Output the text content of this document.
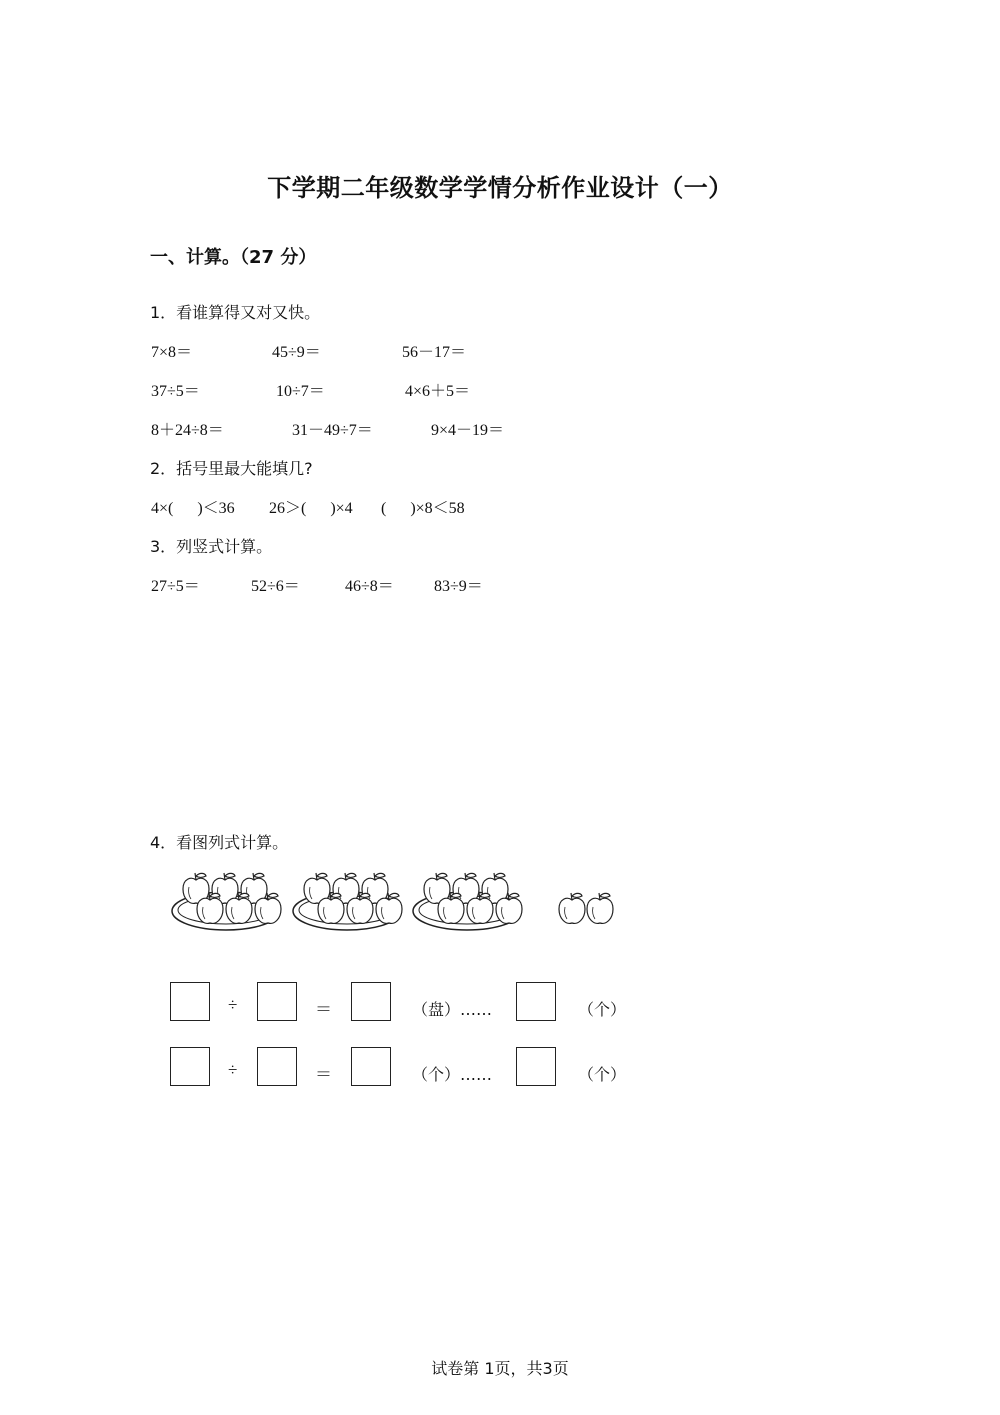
下学期二年级数学学情分析作业设计（一）
一、计算。（27 分）
1．看谁算得又对又快。
7×8＝	45÷9＝	56－17＝
37÷5＝	10÷7＝	4×6＋5＝
8＋24÷8＝	31－49÷7＝	9×4－19＝
2．括号里最大能填几?
4×(      )＜36 26＞(      )×4 (      )×8＜58
3．列竖式计算。
27÷5＝	52÷6＝	46÷8＝	83÷9＝
4．看图列式计算。
÷	＝	（盘）……	（个）
÷	＝	（个）……	（个）
试卷第 1页，共3页
